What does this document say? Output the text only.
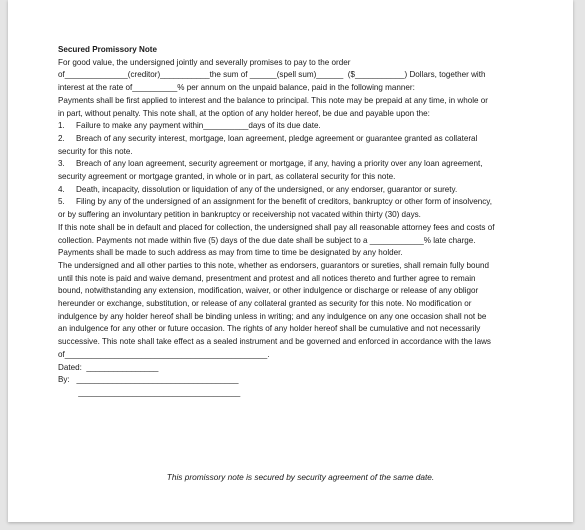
Secured Promissory Note
For good value, the undersigned jointly and severally promises to pay to the order
of______________(creditor)___________the sum of ______(spell sum)______  ($___________) Dollars, together with
interest at the rate of__________% per annum on the unpaid balance, paid in the following manner:
Payments shall be first applied to interest and the balance to principal. This note may be prepaid at any time, in whole or
in part, without penalty. This note shall, at the option of any holder hereof, be due and payable upon the:
1.     Failure to make any payment within__________days of its due date.
2.     Breach of any security interest, mortgage, loan agreement, pledge agreement or guarantee granted as collateral
security for this note.
3.     Breach of any loan agreement, security agreement or mortgage, if any, having a priority over any loan agreement,
security agreement or mortgage granted, in whole or in part, as collateral security for this note.
4.     Death, incapacity, dissolution or liquidation of any of the undersigned, or any endorser, guarantor or surety.
5.     Filing by any of the undersigned of an assignment for the benefit of creditors, bankruptcy or other form of insolvency,
or by suffering an involuntary petition in bankruptcy or receivership not vacated within thirty (30) days.
If this note shall be in default and placed for collection, the undersigned shall pay all reasonable attorney fees and costs of
collection. Payments not made within five (5) days of the due date shall be subject to a ____________% late charge.
Payments shall be made to such address as may from time to time be designated by any holder.
The undersigned and all other parties to this note, whether as endorsers, guarantors or sureties, shall remain fully bound
until this note is paid and waive demand, presentment and protest and all notices thereto and further agree to remain
bound, notwithstanding any extension, modification, waiver, or other indulgence or discharge or release of any obligor
hereunder or exchange, substitution, or release of any collateral granted as security for this note. No modification or
indulgence by any holder hereof shall be binding unless in writing; and any indulgence on any one occasion shall not be
an indulgence for any other or future occasion. The rights of any holder hereof shall be cumulative and not necessarily
successive. This note shall take effect as a sealed instrument and be governed and enforced in accordance with the laws
of_____________________________________________.
Dated:  ________________
By:   ____________________________________
____________________________________
This promissory note is secured by security agreement of the same date.
